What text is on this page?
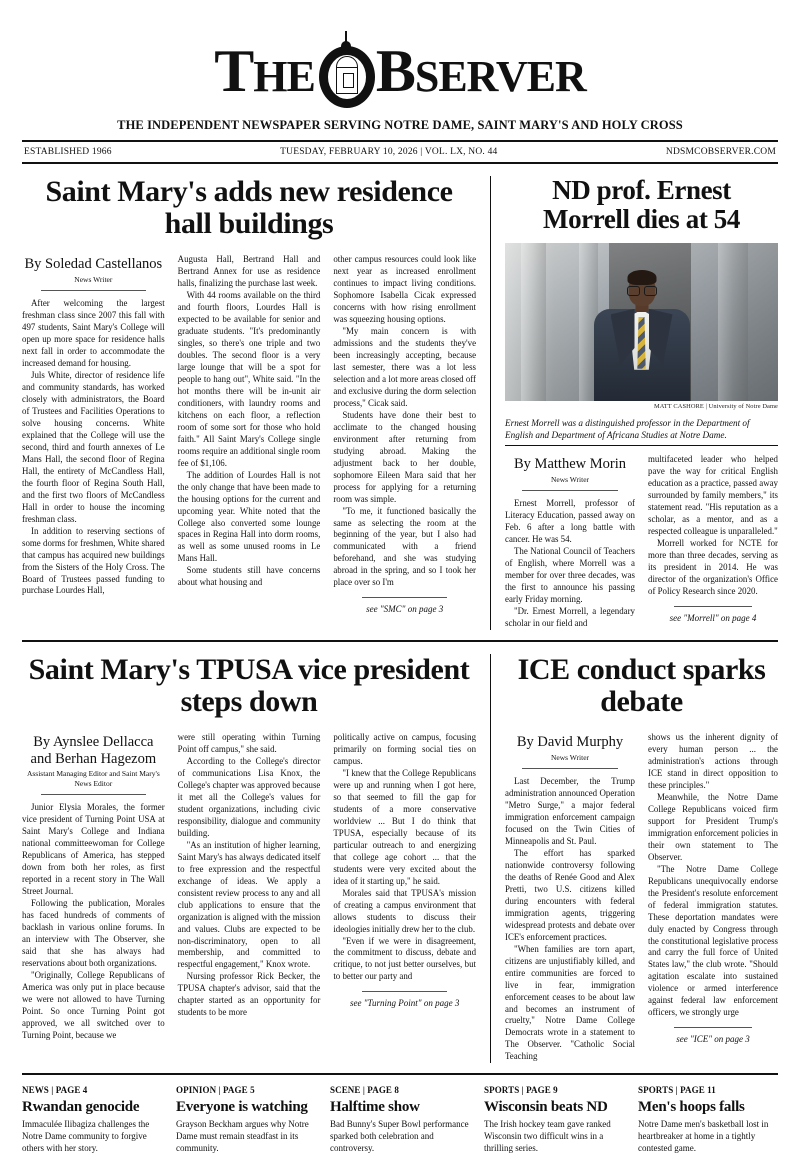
THE BSERVER
THE INDEPENDENT NEWSPAPER SERVING NOTRE DAME, SAINT MARY'S AND HOLY CROSS
ESTABLISHED 1966	TUESDAY, FEBRUARY 10, 2026 | VOL. LX, NO. 44	NDSMCOBSERVER.COM
Saint Mary's adds new residence hall buildings
By Soledad Castellanos
News Writer

After welcoming the largest freshman class since 2007 this fall with 497 students, Saint Mary's College will open up more space for residence halls next fall in order to accommodate the increased demand for housing.

Juls White, director of residence life and community standards, has worked closely with administrators, the Board of Trustees and Facilities Operations to solve housing concerns. White explained that the College will use the second, third and fourth annexes of Le Mans Hall, the second floor of Regina Hall, the entirety of McCandless Hall, the fourth floor of Regina South Hall, and the first two floors of McCandless Hall in order to house the incoming freshman class.

In addition to reserving sections of some dorms for freshmen, White shared that campus has acquired new buildings from the Sisters of the Holy Cross. The Board of Trustees passed funding to purchase Lourdes Hall,

Augusta Hall, Bertrand Hall and Bertrand Annex for use as residence halls, finalizing the purchase last week.

With 44 rooms available on the third and fourth floors, Lourdes Hall is expected to be available for senior and graduate students. "It's predominantly singles, so there's one triple and two doubles. The second floor is a very large lounge that will be a spot for people to hang out", White said. "In the hot months there will be in-unit air conditioners, with laundry rooms and kitchens on each floor, a reflection room of some sort for those who hold faith." All Saint Mary's College single rooms require an additional single room fee of $1,106.

The addition of Lourdes Hall is not the only change that have been made to the housing options for the current and upcoming year. White noted that the College also converted some lounge spaces in Regina Hall into dorm rooms, as well as some unused rooms in Le Mans Hall.

Some students still have concerns about what housing and

other campus resources could look like next year as increased enrollment continues to impact living conditions. Sophomore Isabella Cicak expressed concerns with how rising enrollment was squeezing housing options.

"My main concern is with admissions and the students they've been increasingly accepting, because last semester, there was a lot less selection and a lot more areas closed off and exclusive during the dorm selection process," Cicak said.

Students have done their best to acclimate to the changed housing environment after returning from studying abroad. Making the adjustment back to her double, sophomore Eileen Mara said that her process for applying for a returning room was simple.

"To me, it functioned basically the same as selecting the room at the beginning of the year, but I also had communicated with a friend beforehand, and she was studying abroad in the spring, and so I took her place over so I'm

see "SMC" on page 3
ND prof. Ernest Morrell dies at 54
MATT CASHORE | University of Notre Dame
Ernest Morrell was a distinguished professor in the Department of English and Department of Africana Studies at Notre Dame.
By Matthew Morin
News Writer

Ernest Morrell, professor of Literacy Education, passed away on Feb. 6 after a long battle with cancer. He was 54.

The National Council of Teachers of English, where Morrell was a member for over three decades, was the first to announce his passing early Friday morning.

"Dr. Ernest Morrell, a legendary scholar in our field and

multifaceted leader who helped pave the way for critical English education as a practice, passed away surrounded by family members," its statement read. "His reputation as a scholar, as a mentor, and as a respected colleague is unparalleled."

Morrell worked for NCTE for more than three decades, serving as its president in 2014. He was director of the organization's Office of Policy Research since 2020.

see "Morrell" on page 4
Saint Mary's TPUSA vice president steps down
By Aynslee Dellacca and Berhan Hagezom
Assistant Managing Editor and Saint Mary's News Editor

Junior Elysia Morales, the former vice president of Turning Point USA at Saint Mary's College and Indiana national committeewoman for College Republicans of America, has stepped down from both her roles, as first reported in a recent story in The Wall Street Journal.

Following the publication, Morales has faced hundreds of comments of backlash in various online forums. In an interview with The Observer, she said that she has always had reservations about both organizations.

"Originally, College Republicans of America was only put in place because we were not allowed to have Turning Point. So once Turning Point got approved, we all switched over to Turning Point, because we

were still operating within Turning Point off campus," she said.

According to the College's director of communications Lisa Knox, the College's chapter was approved because it met all the College's values for student organizations, including civic responsibility, dialogue and community building.

"As an institution of higher learning, Saint Mary's has always dedicated itself to free expression and the respectful exchange of ideas. We apply a consistent review process to any and all club applications to ensure that the organization is aligned with the mission and values. Clubs are expected to be non-discriminatory, open to all membership, and committed to respectful engagement," Knox wrote.

Nursing professor Rick Becker, the TPUSA chapter's advisor, said that the chapter started as an opportunity for students to be more

politically active on campus, focusing primarily on forming social ties on campus.

"I knew that the College Republicans were up and running when I got here, so that seemed to fill the gap for students of a more conservative worldview ... But I do think that TPUSA, especially because of its particular outreach to and energizing that college age cohort ... that the students were very excited about the idea of it starting up," he said.

Morales said that TPUSA's mission of creating a campus environment that allows students to discuss their ideologies initially drew her to the club.

"Even if we were in disagreement, the commitment to discuss, debate and critique, to not just better ourselves, but to better our party and

see "Turning Point" on page 3
ICE conduct sparks debate
By David Murphy
News Writer

Last December, the Trump administration announced Operation "Metro Surge," a major federal immigration enforcement campaign focused on the Twin Cities of Minneapolis and St. Paul.

The effort has sparked nationwide controversy following the deaths of Renée Good and Alex Pretti, two U.S. citizens killed during encounters with federal immigration agents, triggering widespread protests and debate over ICE's enforcement practices.

"When families are torn apart, citizens are unjustifiably killed, and entire communities are forced to live in fear, immigration enforcement ceases to be about law and becomes an instrument of cruelty," Notre Dame College Democrats wrote in a statement to The Observer. "Catholic Social Teaching

shows us the inherent dignity of every human person ... the administration's actions through ICE stand in direct opposition to these principles."

Meanwhile, the Notre Dame College Republicans voiced firm support for President Trump's immigration enforcement policies in their own statement to The Observer.

"The Notre Dame College Republicans unequivocally endorse the President's resolute enforcement of federal immigration statutes. These deportation mandates were duly enacted by Congress through the constitutional legislative process and carry the full force of United States law," the club wrote. "Should agitation escalate into sustained violence or armed interference against federal law enforcement officers, we strongly urge

see "ICE" on page 3
NEWS | PAGE 4
Rwandan genocide
Immaculée Ilibagiza challenges the Notre Dame community to forgive others with her story.
OPINION | PAGE 5
Everyone is watching
Grayson Beckham argues why Notre Dame must remain steadfast in its community.
SCENE | PAGE 8
Halftime show
Bad Bunny's Super Bowl performance sparked both celebration and controversy.
SPORTS | PAGE 9
Wisconsin beats ND
The Irish hockey team gave ranked Wisconsin two difficult wins in a thrilling series.
SPORTS | PAGE 11
Men's hoops falls
Notre Dame men's basketball lost in heartbreaker at home in a tightly contested game.
